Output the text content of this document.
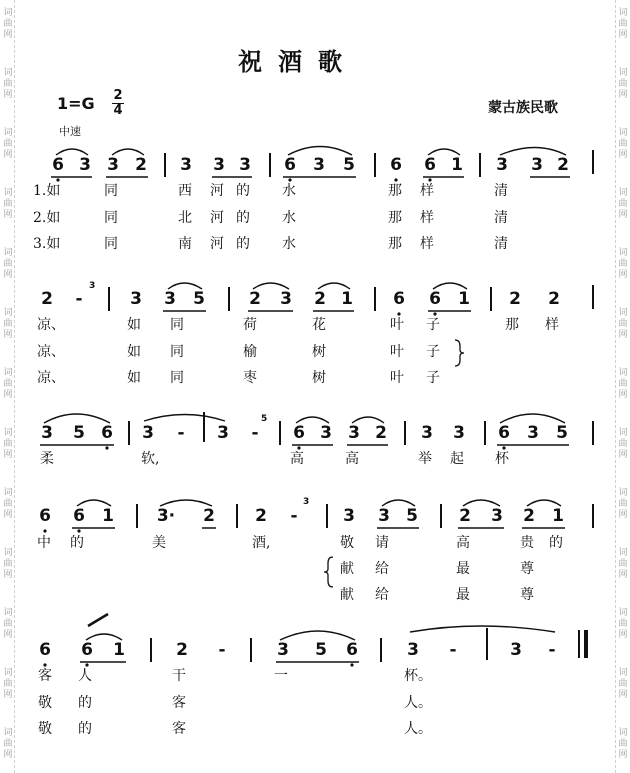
词
曲
网
词
曲
网
词
曲
网
词
曲
网
词
曲
网
词
曲
网
词
曲
网
词
曲
网
词
曲
网
词
曲
网
词
曲
网
词
曲
网
词
曲
网
词
曲
网
词
曲
网
词
曲
网
词
曲
网
词
曲
网
词
曲
网
词
曲
网
词
曲
网
词
曲
网
词
曲
网
词
曲
网
词
曲
网
词
曲
网
祝酒歌
1=G 2
4	蒙古族民歌
中速
6 3 3 2 3 3 3 6 3 5 6 6 1 3 3 2
1.如	同	西 河 的 水	那 样	清
2.如	同	北 河 的 水	那 样	清
3.如	同	南 河 的 水	那 样	清
2 -
3
3 3 5	2 3 2 1 6 6 1 2 2
凉、	如 同	荷	花	叶 子	那 样
凉、	如 同	榆	树	叶 子
凉、	如 同	枣	树	叶 子
3 5 6 3 - 3 -
5
6 3 3 2 3 3 6 3 5
柔	软,	高	高	举 起 杯
6 6 1	3· 2 2 -
3
3 3 5 2 3 2 1
中 的	美	酒,	敬 请	高	贵 的
献 给	最	尊
献 给	最	尊
6 6 1	2 -	3 5 6	3 -	3 -
客 人	干	一	杯。
敬 的	客	人。
敬 的	客	人。
